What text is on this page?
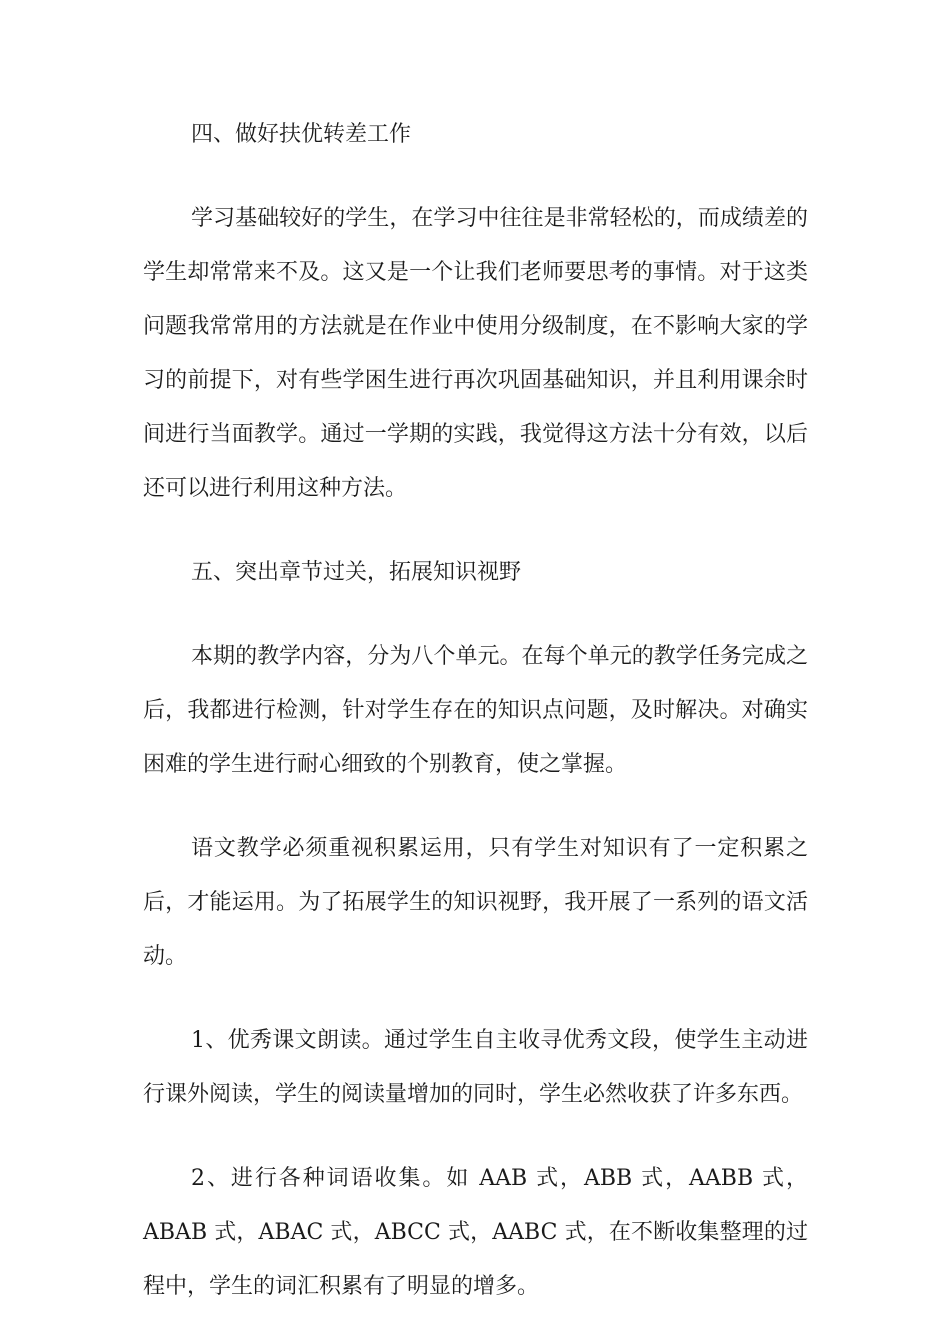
四、做好扶优转差工作

学习基础较好的学生，在学习中往往是非常轻松的，而成绩差的学生却常常来不及。这又是一个让我们老师要思考的事情。对于这类问题我常常用的方法就是在作业中使用分级制度，在不影响大家的学习的前提下，对有些学困生进行再次巩固基础知识，并且利用课余时间进行当面教学。通过一学期的实践，我觉得这方法十分有效，以后还可以进行利用这种方法。

五、突出章节过关，拓展知识视野

本期的教学内容，分为八个单元。在每个单元的教学任务完成之后，我都进行检测，针对学生存在的知识点问题，及时解决。对确实困难的学生进行耐心细致的个别教育，使之掌握。

语文教学必须重视积累运用，只有学生对知识有了一定积累之后，才能运用。为了拓展学生的知识视野，我开展了一系列的语文活动。

1、优秀课文朗读。通过学生自主收寻优秀文段，使学生主动进行课外阅读，学生的阅读量增加的同时，学生必然收获了许多东西。

2、进行各种词语收集。如 AAB 式，ABB 式，AABB 式，ABAB 式，ABAC 式，ABCC 式，AABC 式，在不断收集整理的过程中，学生的词汇积累有了明显的增多。
